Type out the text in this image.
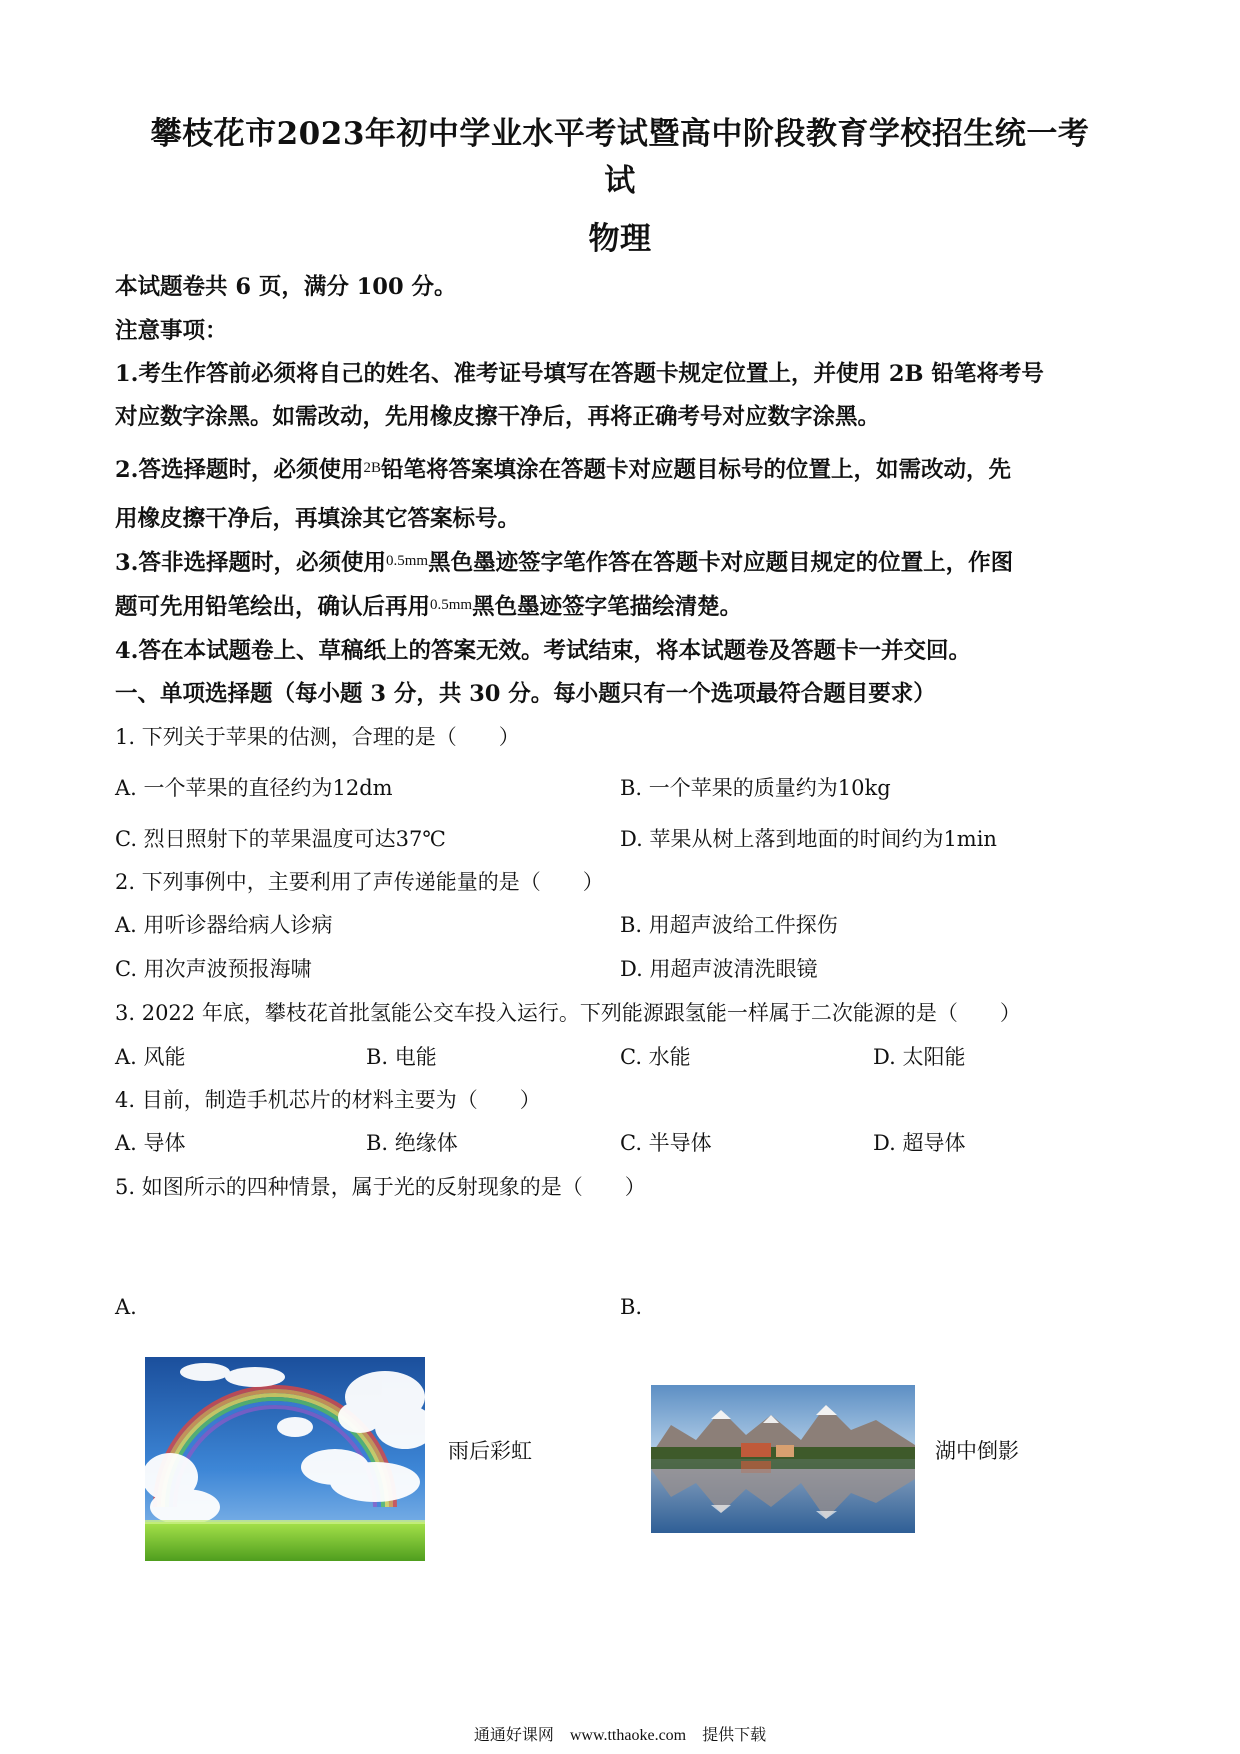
攀枝花市2023年初中学业水平考试暨高中阶段教育学校招生统一考
试
物理
本试题卷共 6 页，满分 100 分。
注意事项：
1.考生作答前必须将自己的姓名、准考证号填写在答题卡规定位置上，并使用 2B 铅笔将考号
对应数字涂黑。如需改动，先用橡皮擦干净后，再将正确考号对应数字涂黑。
2.答选择题时，必须使用$^{2B}$铅笔将答案填涂在答题卡对应题目标号的位置上，如需改动，先
用橡皮擦干净后，再填涂其它答案标号。
3.答非选择题时，必须使用$^{0.5mm}$黑色墨迹签字笔作答在答题卡对应题目规定的位置上，作图
题可先用铅笔绘出，确认后再用$^{0.5mm}$黑色墨迹签字笔描绘清楚。
4.答在本试题卷上、草稿纸上的答案无效。考试结束，将本试题卷及答题卡一并交回。
一、单项选择题（每小题 3 分，共 30 分。每小题只有一个选项最符合题目要求）
1. 下列关于苹果的估测，合理的是（　　）
A. 一个苹果的直径约为12dm	B. 一个苹果的质量约为10kg
C. 烈日照射下的苹果温度可达37℃	D. 苹果从树上落到地面的时间约为1min
2. 下列事例中，主要利用了声传递能量的是（　　）
A. 用听诊器给病人诊病	B. 用超声波给工件探伤
C. 用次声波预报海啸	D. 用超声波清洗眼镜
3. 2022 年底，攀枝花首批氢能公交车投入运行。下列能源跟氢能一样属于二次能源的是（　　）
A. 风能	B. 电能	C. 水能	D. 太阳能
4. 目前，制造手机芯片的材料主要为（　　）
A. 导体	B. 绝缘体	C. 半导体	D. 超导体
5. 如图所示的四种情景，属于光的反射现象的是（　　）
A.
雨后彩虹
B.
湖中倒影
通通好课网　www.tthaoke.com　提供下载
